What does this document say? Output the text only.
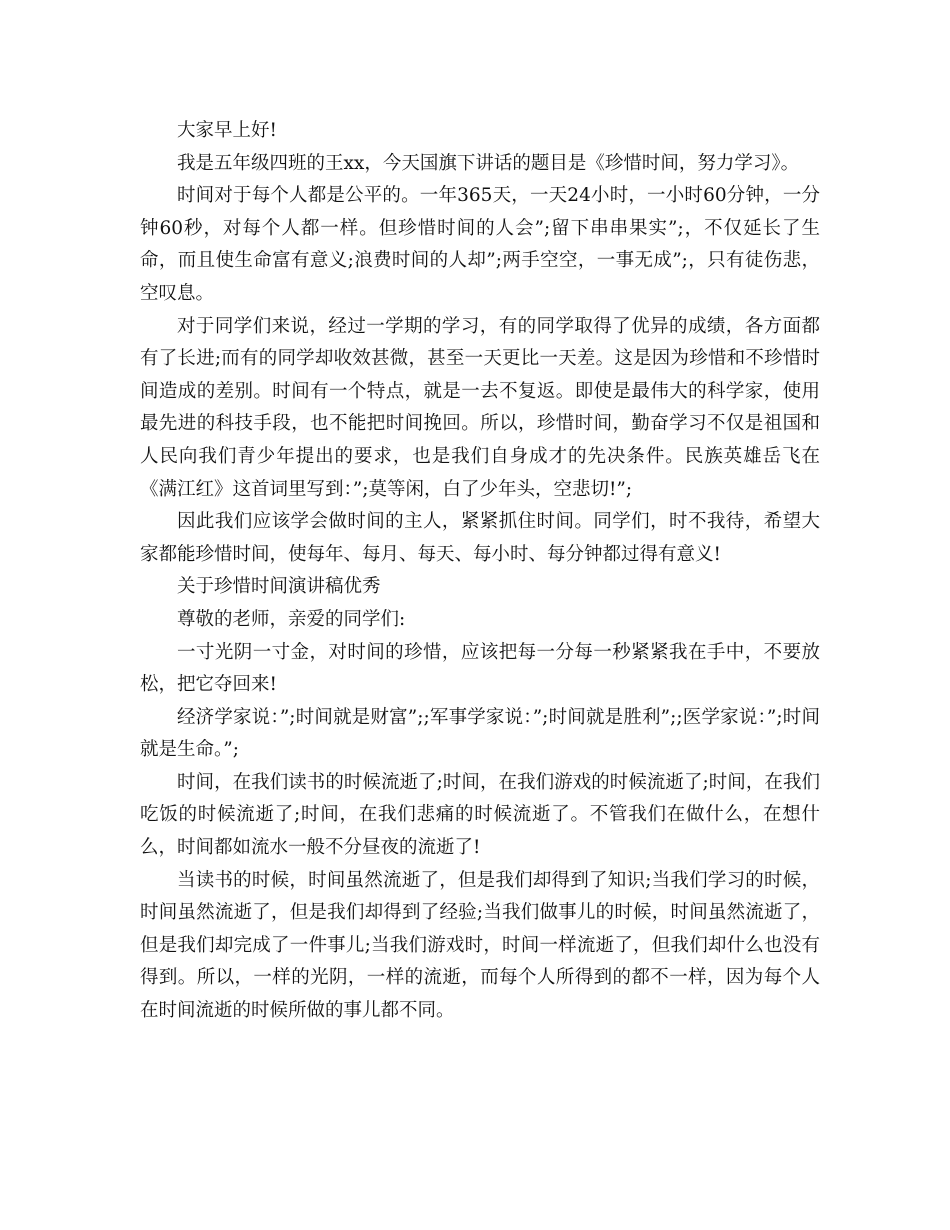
大家早上好!

我是五年级四班的王xx，今天国旗下讲话的题目是《珍惜时间，努力学习》。

时间对于每个人都是公平的。一年365天，一天24小时，一小时60分钟，一分钟60秒，对每个人都一样。但珍惜时间的人会”;留下串串果实”;，不仅延长了生命，而且使生命富有意义;浪费时间的人却”;两手空空，一事无成”;，只有徒伤悲，空叹息。

对于同学们来说，经过一学期的学习，有的同学取得了优异的成绩，各方面都有了长进;而有的同学却收效甚微，甚至一天更比一天差。这是因为珍惜和不珍惜时间造成的差别。时间有一个特点，就是一去不复返。即使是最伟大的科学家，使用最先进的科技手段，也不能把时间挽回。所以，珍惜时间，勤奋学习不仅是祖国和人民向我们青少年提出的要求，也是我们自身成才的先决条件。民族英雄岳飞在《满江红》这首词里写到：”;莫等闲，白了少年头，空悲切!”;

因此我们应该学会做时间的主人，紧紧抓住时间。同学们，时不我待，希望大家都能珍惜时间，使每年、每月、每天、每小时、每分钟都过得有意义!

关于珍惜时间演讲稿优秀

尊敬的老师，亲爱的同学们:

一寸光阴一寸金，对时间的珍惜，应该把每一分每一秒紧紧我在手中，不要放松，把它夺回来!

经济学家说：”;时间就是财富”;;军事学家说：”;时间就是胜利”;;医学家说：”;时间就是生命。”;

时间，在我们读书的时候流逝了;时间，在我们游戏的时候流逝了;时间，在我们吃饭的时候流逝了;时间，在我们悲痛的时候流逝了。不管我们在做什么，在想什么，时间都如流水一般不分昼夜的流逝了!

当读书的时候，时间虽然流逝了，但是我们却得到了知识;当我们学习的时候，时间虽然流逝了，但是我们却得到了经验;当我们做事儿的时候，时间虽然流逝了，但是我们却完成了一件事儿;当我们游戏时，时间一样流逝了，但我们却什么也没有得到。所以，一样的光阴，一样的流逝，而每个人所得到的都不一样，因为每个人在时间流逝的时候所做的事儿都不同。
